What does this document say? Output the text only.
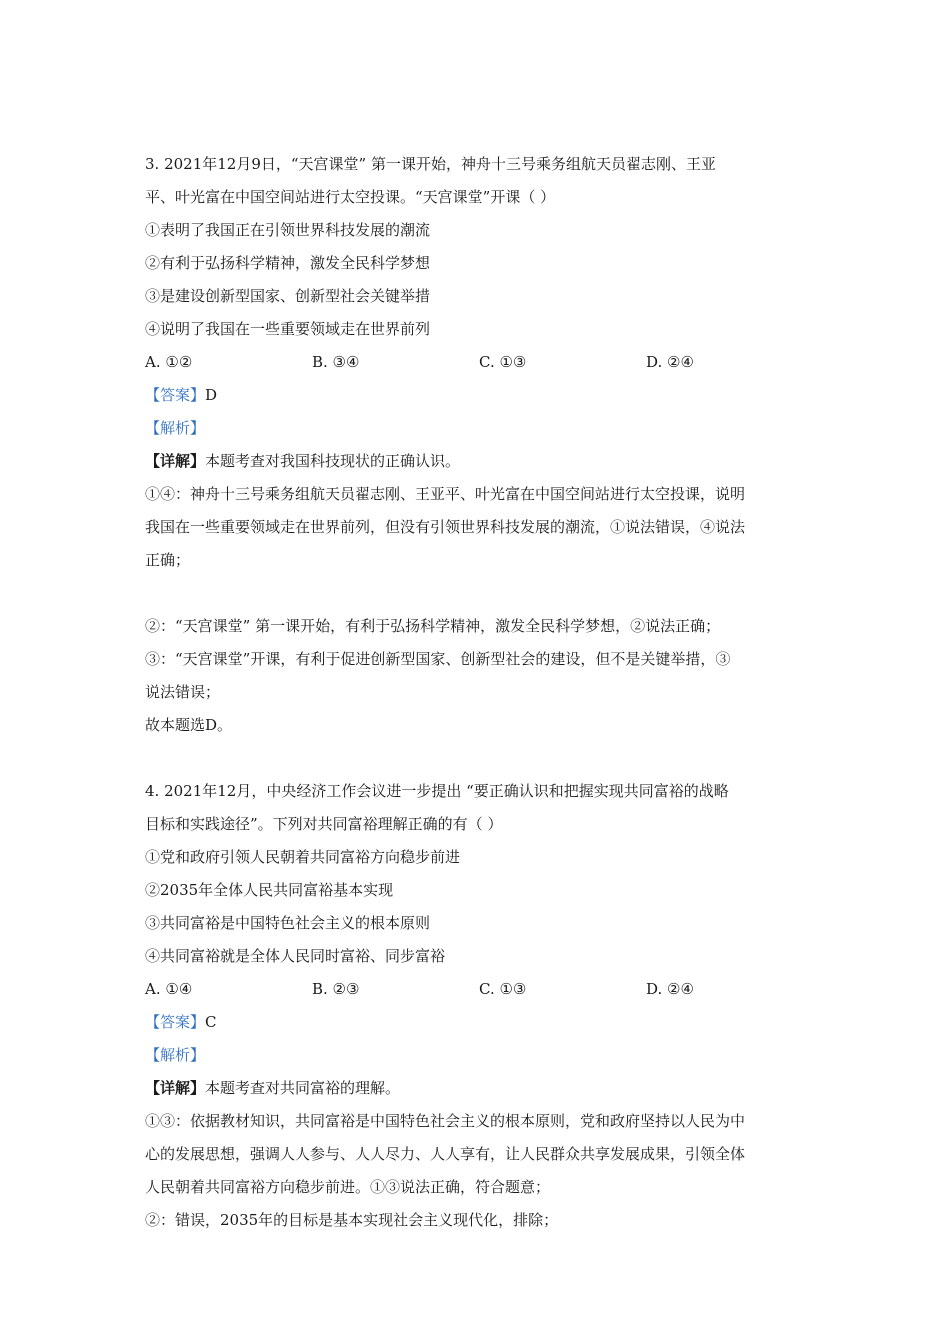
3. 2021年12月9日，“天宫课堂” 第一课开始，神舟十三号乘务组航天员翟志刚、王亚
平、叶光富在中国空间站进行太空投课。“天宫课堂”开课（ ）
①表明了我国正在引领世界科技发展的潮流
②有利于弘扬科学精神，激发全民科学梦想
③是建设创新型国家、创新型社会关键举措
④说明了我国在一些重要领域走在世界前列
A. ①②	B. ③④	C. ①③	D. ②④
【答案】D
【解析】
【详解】本题考查对我国科技现状的正确认识。
①④：神舟十三号乘务组航天员翟志刚、王亚平、叶光富在中国空间站进行太空投课，说明
我国在一些重要领域走在世界前列，但没有引领世界科技发展的潮流，①说法错误，④说法
正确；
②：“天宫课堂” 第一课开始，有利于弘扬科学精神，激发全民科学梦想，②说法正确；
③：“天宫课堂”开课，有利于促进创新型国家、创新型社会的建设，但不是关键举措，③
说法错误；
故本题选D。
4. 2021年12月，中央经济工作会议进一步提出 “要正确认识和把握实现共同富裕的战略
目标和实践途径”。下列对共同富裕理解正确的有（ ）
①党和政府引领人民朝着共同富裕方向稳步前进
②2035年全体人民共同富裕基本实现
③共同富裕是中国特色社会主义的根本原则
④共同富裕就是全体人民同时富裕、同步富裕
A. ①④	B. ②③	C. ①③	D. ②④
【答案】C
【解析】
【详解】本题考查对共同富裕的理解。
①③：依据教材知识，共同富裕是中国特色社会主义的根本原则，党和政府坚持以人民为中
心的发展思想，强调人人参与、人人尽力、人人享有，让人民群众共享发展成果，引领全体
人民朝着共同富裕方向稳步前进。①③说法正确，符合题意；
②：错误，2035年的目标是基本实现社会主义现代化，排除；
